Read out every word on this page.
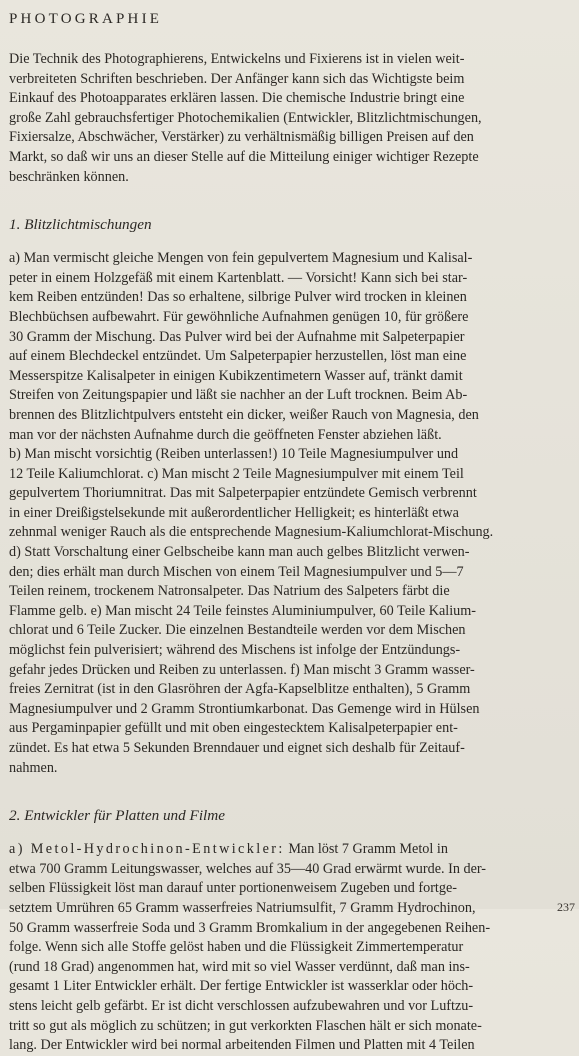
PHOTOGRAPHIE

Die Technik des Photographierens, Entwickelns und Fixierens ist in vielen weit-
verbreiteten Schriften beschrieben. Der Anfänger kann sich das Wichtigste beim
Einkauf des Photoapparates erklären lassen. Die chemische Industrie bringt eine
große Zahl gebrauchsfertiger Photochemikalien (Entwickler, Blitzlichtmischungen,
Fixiersalze, Abschwächer, Verstärker) zu verhältnismäßig billigen Preisen auf den
Markt, so daß wir uns an dieser Stelle auf die Mitteilung einiger wichtiger Rezepte
beschränken können.

1. Blitzlichtmischungen

a) Man vermischt gleiche Mengen von fein gepulvertem Magnesium und Kalisal-
peter in einem Holzgefäß mit einem Kartenblatt. — Vorsicht! Kann sich bei star-
kem Reiben entzünden! Das so erhaltene, silbrige Pulver wird trocken in kleinen
Blechbüchsen aufbewahrt. Für gewöhnliche Aufnahmen genügen 10, für größere
30 Gramm der Mischung. Das Pulver wird bei der Aufnahme mit Salpeterpapier
auf einem Blechdeckel entzündet. Um Salpeterpapier herzustellen, löst man eine
Messerspitze Kalisalpeter in einigen Kubikzentimetern Wasser auf, tränkt damit
Streifen von Zeitungspapier und läßt sie nachher an der Luft trocknen. Beim Ab-
brennen des Blitzlichtpulvers entsteht ein dicker, weißer Rauch von Magnesia, den
man vor der nächsten Aufnahme durch die geöffneten Fenster abziehen läßt.
b) Man mischt vorsichtig (Reiben unterlassen!) 10 Teile Magnesiumpulver und
12 Teile Kaliumchlorat. c) Man mischt 2 Teile Magnesiumpulver mit einem Teil
gepulvertem Thoriumnitrat. Das mit Salpeterpapier entzündete Gemisch verbrennt
in einer Dreißigstelsekunde mit außerordentlicher Helligkeit; es hinterläßt etwa
zehnmal weniger Rauch als die entsprechende Magnesium-Kaliumchlorat-Mischung.
d) Statt Vorschaltung einer Gelbscheibe kann man auch gelbes Blitzlicht verwen-
den; dies erhält man durch Mischen von einem Teil Magnesiumpulver und 5—7
Teilen reinem, trockenem Natronsalpeter. Das Natrium des Salpeters färbt die
Flamme gelb. e) Man mischt 24 Teile feinstes Aluminiumpulver, 60 Teile Kalium-
chlorat und 6 Teile Zucker. Die einzelnen Bestandteile werden vor dem Mischen
möglichst fein pulverisiert; während des Mischens ist infolge der Entzündungs-
gefahr jedes Drücken und Reiben zu unterlassen. f) Man mischt 3 Gramm wasser-
freies Zernitrat (ist in den Glasröhren der Agfa-Kapselblitze enthalten), 5 Gramm
Magnesiumpulver und 2 Gramm Strontiumkarbonat. Das Gemenge wird in Hülsen
aus Pergaminpapier gefüllt und mit oben eingestecktem Kalisalpeterpapier ent-
zündet. Es hat etwa 5 Sekunden Brenndauer und eignet sich deshalb für Zeitauf-
nahmen.

2. Entwickler für Platten und Filme

a) Metol-Hydrochinon-Entwickler: Man löst 7 Gramm Metol in
etwa 700 Gramm Leitungswasser, welches auf 35—40 Grad erwärmt wurde. In der-
selben Flüssigkeit löst man darauf unter portionenweisem Zugeben und fortge-
setztem Umrühren 65 Gramm wasserfreies Natriumsulfit, 7 Gramm Hydrochinon,
50 Gramm wasserfreie Soda und 3 Gramm Bromkalium in der angegebenen Reihen-
folge. Wenn sich alle Stoffe gelöst haben und die Flüssigkeit Zimmertemperatur
(rund 18 Grad) angenommen hat, wird mit so viel Wasser verdünnt, daß man ins-
gesamt 1 Liter Entwickler erhält. Der fertige Entwickler ist wasserklar oder höch-
stens leicht gelb gefärbt. Er ist dicht verschlossen aufzubewahren und vor Luftzu-
tritt so gut als möglich zu schützen; in gut verkorkten Flaschen hält er sich monate-
lang. Der Entwickler wird bei normal arbeitenden Filmen und Platten mit 4 Teilen

237
